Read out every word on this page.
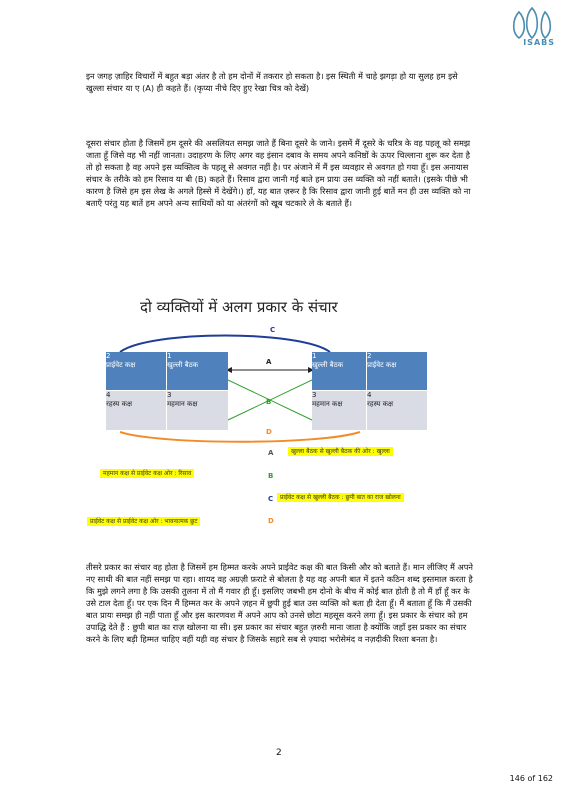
ISABS

इन जगह ज़ाहिर विचारों में बहुत बड़ा अंतर है तो हम दोनों में तकरार हो सकता है। इस स्थिती में चाहे झगड़ा हो या सुलह हम इसे खुल्ला संचार या ए (A) ही कहते हैं। (कृप्या नीचे दिए हुए रेखा चित्र को देखें)

दूसरा संचार होता है जिसमें हम दूसरे की असलियत समझ जाते हैं बिना दूसरे के जाने। इसमें मैं दूसरे के चरित्र के वह पहलू को समझ जाता हूँ जिसे वह भी नहीं जानता। उदाहरण के लिए अगर वह इंसान दबाव के समय अपने कनिष्ठों के ऊपर चिल्लाना शुरू कर देता है तो हो सकता है वह अपने इस व्यक्तित्व के पहलू से अवगत नहीं है। पर अंजाने में मैं इस व्यवहार से अवगत हो गया हूँ। इस अनायास संचार के तरीके को हम रिसाव या बी (B) कहते हैं। रिसाव द्वारा जानी गई बाते हम प्रायः उस व्यक्ति को नहीं बताते। (इसके पीछे भी कारण है जिसे हम इस लेख के अगले हिस्से में देखेंगे।) हाँ, यह बात ज़रूर है कि रिसाव द्वारा जानी हुई बातें मन ही उस व्यक्ति को ना बताएँ परंतु यह बातें हम अपने अन्य साथियों को या अंतरंगों को खूब चटकारे ले के बताते हैं।

दो व्यक्तियों में अलग प्रकार के संचार
2
प्राईवेट कक्ष
1
खुल्ली बैठक
4
रहस्य कक्ष
3
महमान कक्ष
1
खुल्ली बैठक
2
प्राईवेट कक्ष
3
महमान कक्ष
4
रहस्य कक्ष
C
A
B
D
A	खुल्ला बैठक से खुल्ली बैठक की ओर : खुल्ला
B
महमान कक्ष से प्राईवेट कक्ष ओर : रिसाव
C	प्राईवेट कक्ष से खुल्ली बैठक : छुपी बात का राज खोलना
D
प्राईवेट कक्ष से प्राईवेट कक्ष ओर : भावनात्मक छुट

तीसरे प्रकार का संचार वह होता है जिसमें हम हिम्मत करके अपने प्राईवेट कक्ष की बात किसी और को बताते हैं। मान लीजिए मैं अपने नए साथी की बात नहीं समझ पा रहा। शायद वह अग्रज़ी फ़राटे से बोलता है यह वह अपनी बात में इतने कठिन शब्द इस्तमाल करता है कि मुझे लगने लगा है कि उसकी तुलना में तो मैं गवार ही हूँ। इसलिए जबभी हम दोनो के बीच में कोई बात होती है तो मैं हाँ हूँ कर के उसे टाल देता हूँ। पर एक दिन मैं हिम्मत कर के अपने ज़हन में छुपी हुई बात उस व्यक्ति को बता ही देता हूँ। मैं बताता हूँ कि मैं उसकी बात प्रायः समझ ही नहीं पाता हूँ और इस कारणवश मैं अपने आप को उनसे छोटा महसूस करने लगा हूँ। इस प्रकार के संचार को हम उपाद्धि देते हैं : छुपी बात का राज़ खोलना या सी। इस प्रकार का संचार बहुत ज़रुरी माना जाता है क्योंकि जहाँ इस प्रकार का संचार करने के लिए बड़ी हिम्मत चाहिए वहीं यही वह संचार है जिसके सहारे सब से ज़्यादा भरोसेमंद व नज़दीकी रिश्ता बनता है।

2
146 of 162
